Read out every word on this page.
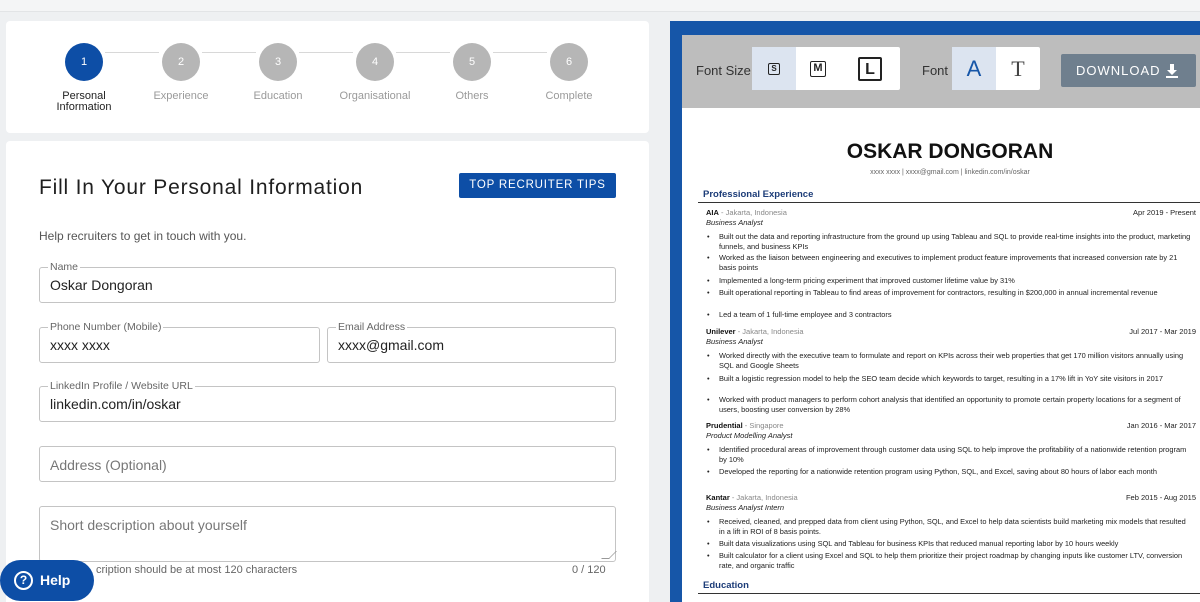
1
Personal
Information
2
Experience
3
Education
4
Organisational
5
Others
6
Complete
Fill In Your Personal Information	TOP RECRUITER TIPS
Help recruiters to get in touch with you.
Name
Oskar Dongoran
Phone Number (Mobile)
xxxx xxxx
Email Address
xxxx@gmail.com
LinkedIn Profile / Website URL
linkedin.com/in/oskar
Address (Optional)
Short description about yourself
cription should be at most 120 characters	0 / 120
? Help
Font Size	S	M	L	Font A	T	DOWNLOAD
OSKAR DONGORAN
xxxx xxxx | xxxx@gmail.com | linkedin.com/in/oskar
Professional Experience
AIA - Jakarta, Indonesia	Apr 2019 - Present
Business Analyst
• Built out the data and reporting infrastructure from the ground up using Tableau and SQL to provide real-time insights into the product, marketing funnels, and business KPIs
• Worked as the liaison between engineering and executives to implement product feature improvements that increased conversion rate by 21 basis points
• Implemented a long-term pricing experiment that improved customer lifetime value by 31%
• Built operational reporting in Tableau to find areas of improvement for contractors, resulting in $200,000 in annual incremental revenue
• Led a team of 1 full-time employee and 3 contractors
Unilever - Jakarta, Indonesia	Jul 2017 - Mar 2019
Business Analyst
• Worked directly with the executive team to formulate and report on KPIs across their web properties that get 170 million visitors annually using SQL and Google Sheets
• Built a logistic regression model to help the SEO team decide which keywords to target, resulting in a 17% lift in YoY site visitors in 2017
• Worked with product managers to perform cohort analysis that identified an opportunity to promote certain property locations for a segment of users, boosting user conversion by 28%
Prudential - Singapore	Jan 2016 - Mar 2017
Product Modelling Analyst
• Identified procedural areas of improvement through customer data using SQL to help improve the profitability of a nationwide retention program by 10%
• Developed the reporting for a nationwide retention program using Python, SQL, and Excel, saving about 80 hours of labor each month
Kantar - Jakarta, Indonesia	Feb 2015 - Aug 2015
Business Analyst Intern
• Received, cleaned, and prepped data from client using Python, SQL, and Excel to help data scientists build marketing mix models that resulted in a lift in ROI of 8 basis points.
• Built data visualizations using SQL and Tableau for business KPIs that reduced manual reporting labor by 10 hours weekly
• Built calculator for a client using Excel and SQL to help them prioritize their project roadmap by changing inputs like customer LTV, conversion rate, and organic traffic
Education
